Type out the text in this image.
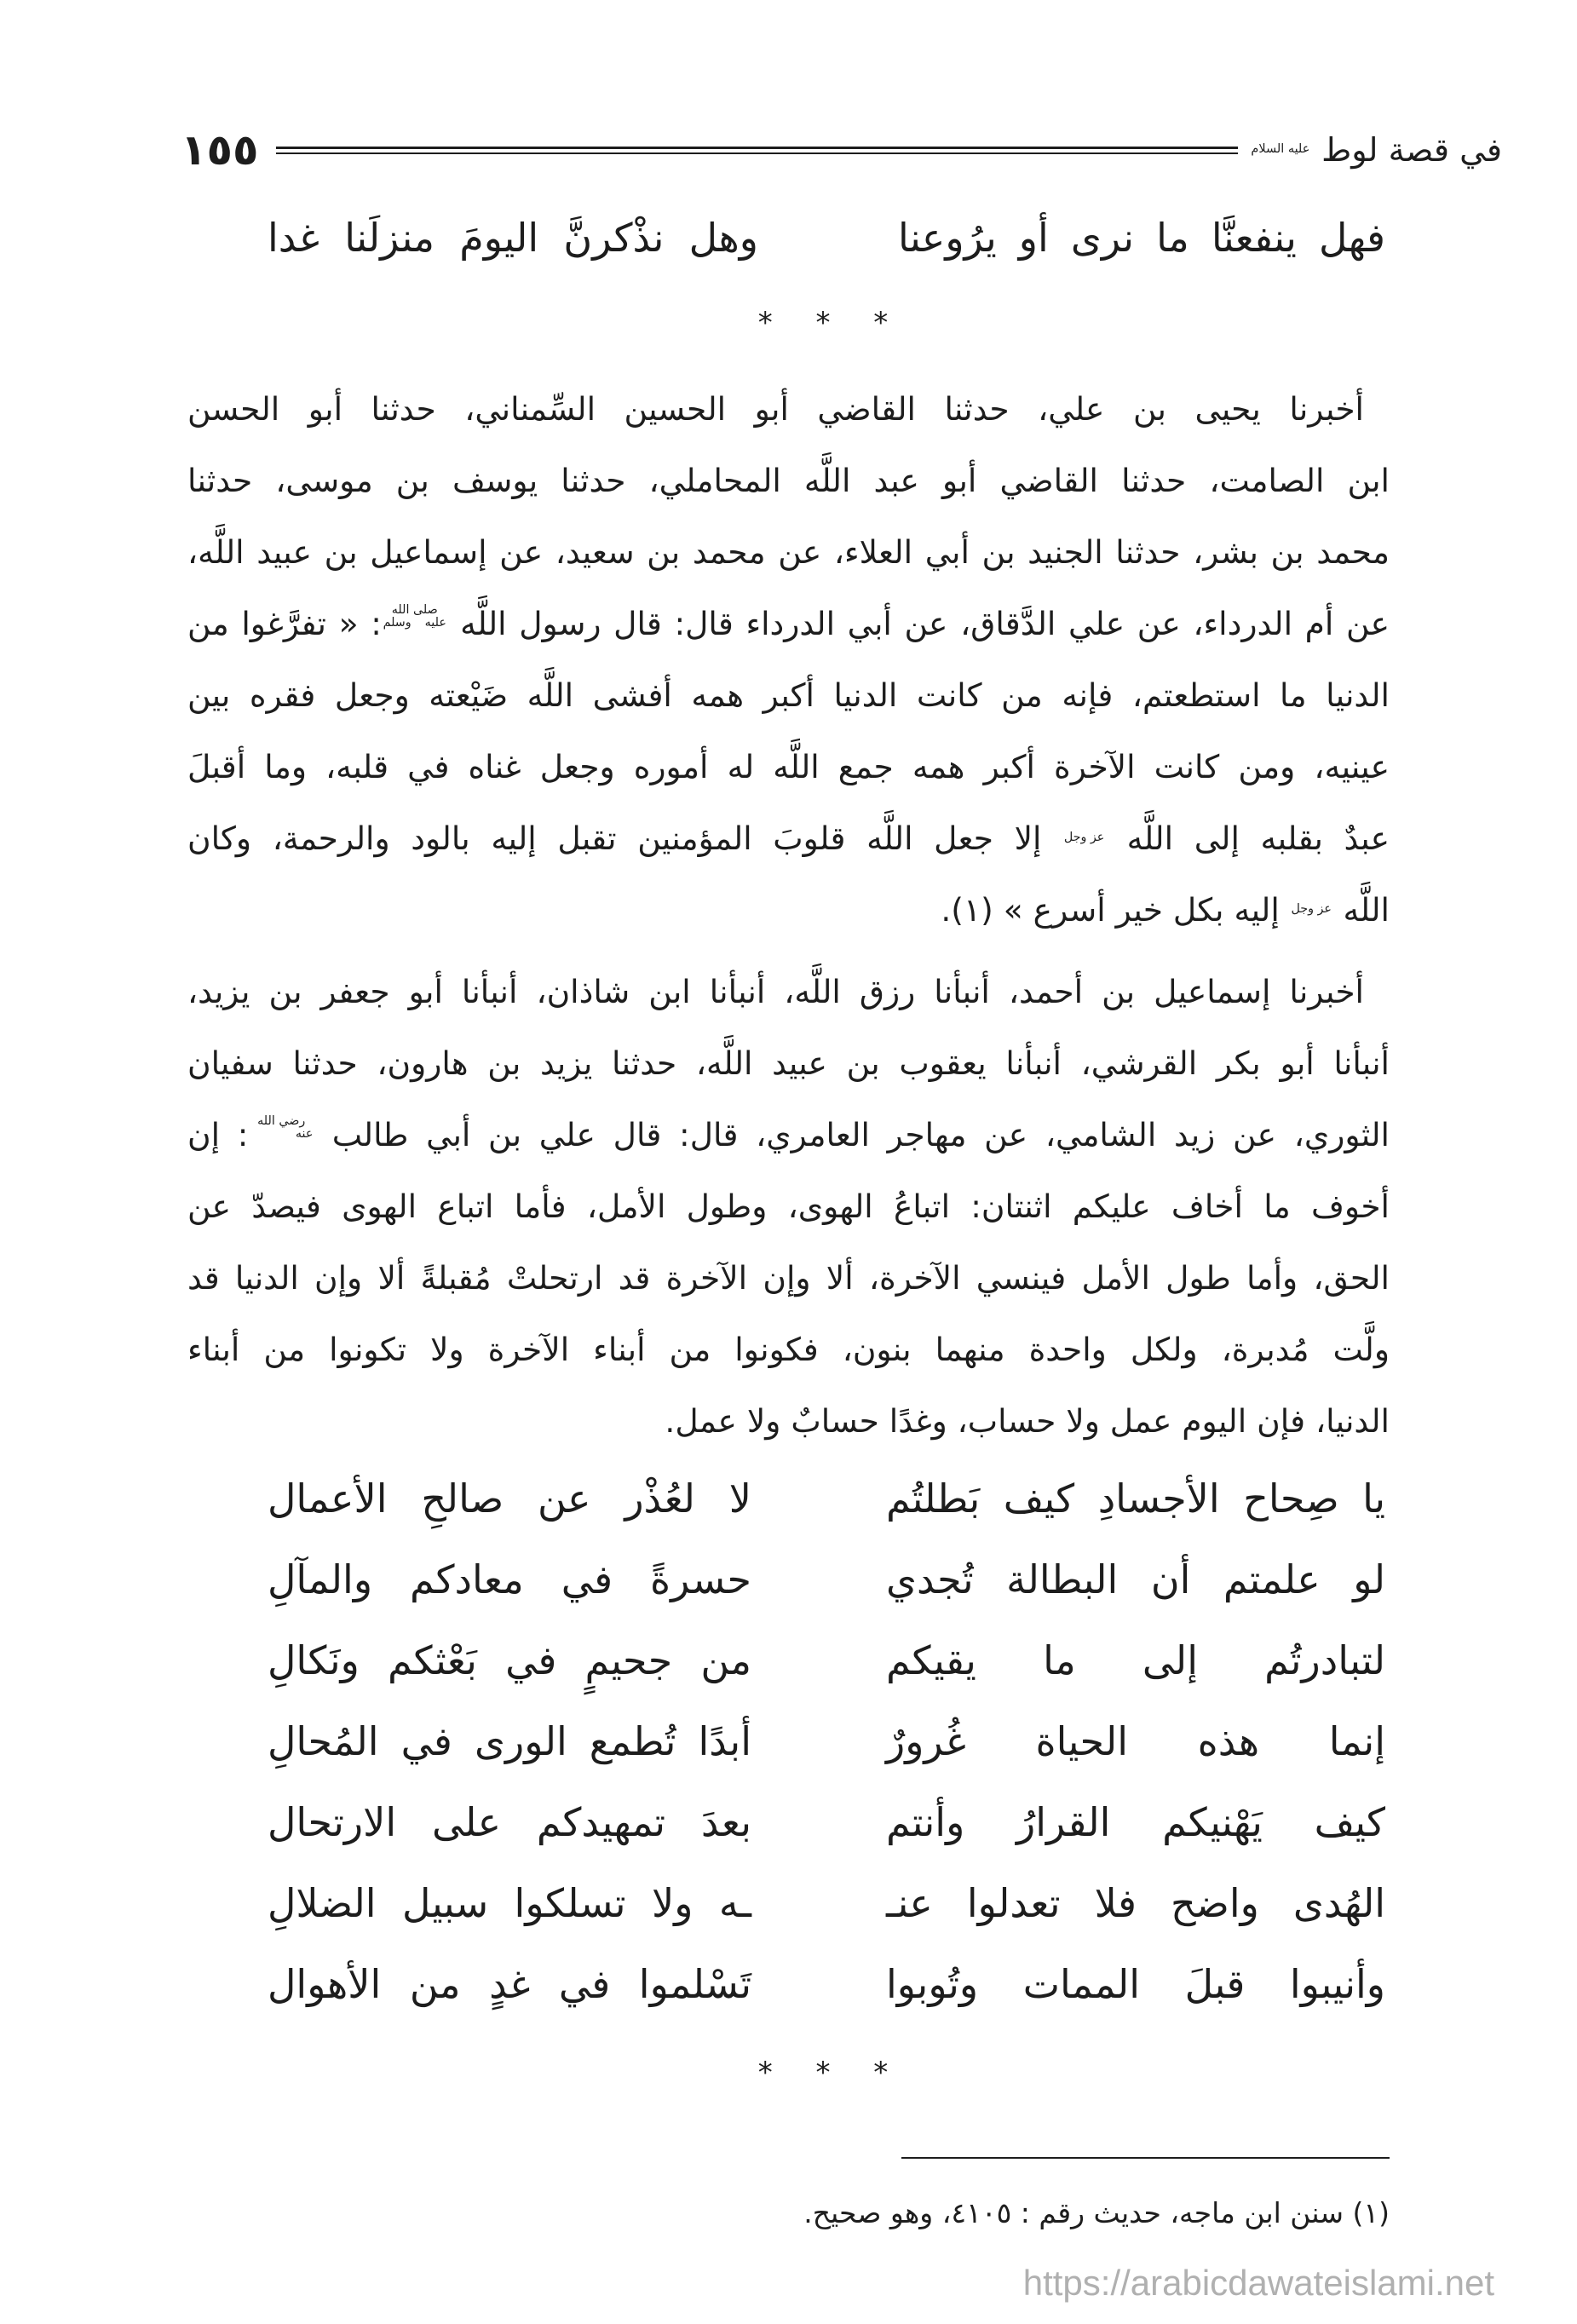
١٥٥	في قصة لوط عليه السلام
فهل ينفعنَّا ما نرى أو يرُوعنا
وهل نذْكرنَّ اليومَ منزلَنا غدا
* * *
أخبرنا يحيى بن علي، حدثنا القاضي أبو الحسين السِّمناني، حدثنا أبو الحسن
ابن الصامت، حدثنا القاضي أبو عبد اللَّه المحاملي، حدثنا يوسف بن موسى، حدثنا
محمد بن بشر، حدثنا الجنيد بن أبي العلاء، عن محمد بن سعيد، عن إسماعيل بن عبيد اللَّه،
عن أم الدرداء، عن علي الدَّقاق، عن أبي الدرداء قال: قال رسول اللَّه صلى الله عليه وسلم: « تفرَّغوا من
الدنيا ما استطعتم، فإنه من كانت الدنيا أكبر همه أفشى اللَّه ضَيْعته وجعل فقره بين
عينيه، ومن كانت الآخرة أكبر همه جمع اللَّه له أموره وجعل غناه في قلبه، وما أقبلَ
عبدٌ بقلبه إلى اللَّه عز وجل إلا جعل اللَّه قلوبَ المؤمنين تقبل إليه بالود والرحمة، وكان
اللَّه عز وجل إليه بكل خير أسرع » (١).
أخبرنا إسماعيل بن أحمد، أنبأنا رزق اللَّه، أنبأنا ابن شاذان، أنبأنا أبو جعفر بن يزيد،
أنبأنا أبو بكر القرشي، أنبأنا يعقوب بن عبيد اللَّه، حدثنا يزيد بن هارون، حدثنا سفيان
الثوري، عن زيد الشامي، عن مهاجر العامري، قال: قال علي بن أبي طالب رضي الله عنه: إن
أخوف ما أخاف عليكم اثنتان: اتباعُ الهوى، وطول الأمل، فأما اتباع الهوى فيصدّ عن
الحق، وأما طول الأمل فينسي الآخرة، ألا وإن الآخرة قد ارتحلتْ مُقبلةً ألا وإن الدنيا قد
ولَّت مُدبرة، ولكل واحدة منهما بنون، فكونوا من أبناء الآخرة ولا تكونوا من أبناء
الدنيا، فإن اليوم عمل ولا حساب، وغدًا حسابٌ ولا عمل.
يا صِحاح الأجسادِ كيف بَطلتُم
لا لعُذْر عن صالحِ الأعمال
لو علمتم أن البطالة تُجدي
حسرةً في معادكم والمآلِ
لتبادرتُم إلى ما يقيكم
من جحيمٍ في بَعْثكم ونَكالِ
إنما هذه الحياة غُرورٌ
أبدًا تُطمع الورى في المُحالِ
كيف يَهْنيكم القرارُ وأنتم
بعدَ تمهيدكم على الارتحال
الهُدى واضح فلا تعدلوا عنـ
ـه ولا تسلكوا سبيل الضلالِ
وأنيبوا قبلَ الممات وتُوبوا
تَسْلموا في غدٍ من الأهوال
* * *
(١) سنن ابن ماجه، حديث رقم : ٤١٠٥، وهو صحيح.
https://arabicdawateislami.net
